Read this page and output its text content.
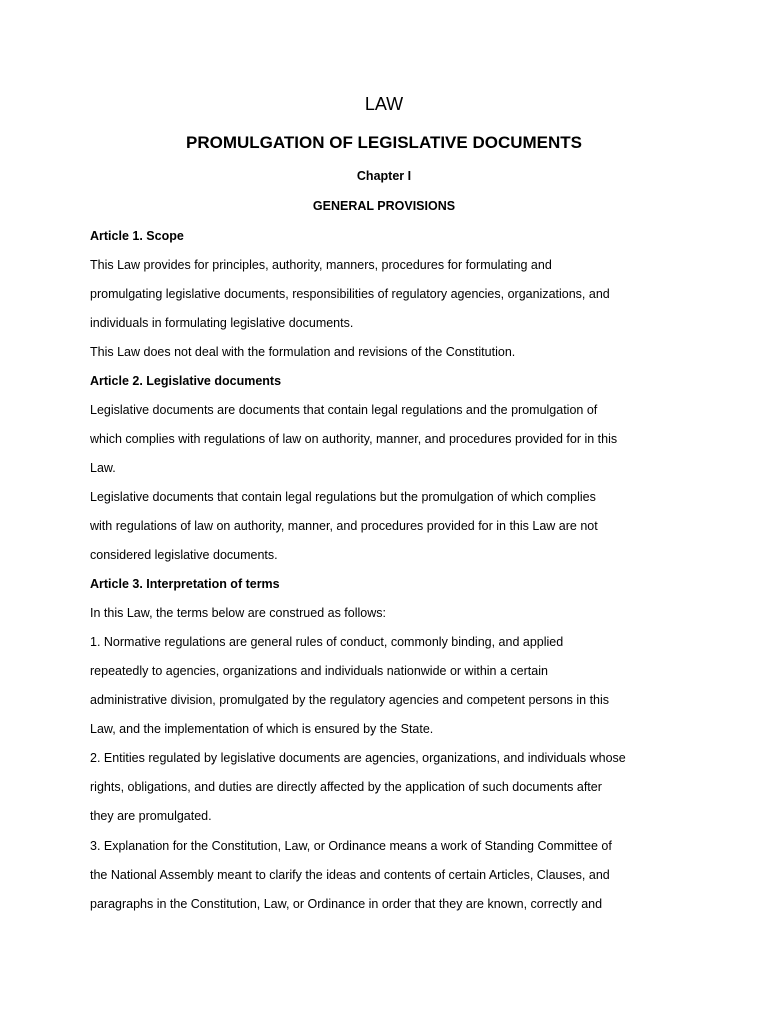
LAW
PROMULGATION OF LEGISLATIVE DOCUMENTS
Chapter I
GENERAL PROVISIONS
Article 1. Scope
This Law provides for principles, authority, manners, procedures for formulating and
promulgating legislative documents, responsibilities of regulatory agencies, organizations, and
individuals in formulating legislative documents.
This Law does not deal with the formulation and revisions of the Constitution.
Article 2. Legislative documents
Legislative documents are documents that contain legal regulations and the promulgation of
which complies with regulations of law on authority, manner, and procedures provided for in this
Law.
Legislative documents that contain legal regulations but the promulgation of which complies
with regulations of law on authority, manner, and procedures provided for in this Law are not
considered legislative documents.
Article 3. Interpretation of terms
In this Law, the terms below are construed as follows:
1. Normative regulations are general rules of conduct, commonly binding, and applied
repeatedly to agencies, organizations and individuals nationwide or within a certain
administrative division, promulgated by the regulatory agencies and competent persons in this
Law, and the implementation of which is ensured by the State.
2. Entities regulated by legislative documents are agencies, organizations, and individuals whose
rights, obligations, and duties are directly affected by the application of such documents after
they are promulgated.
3. Explanation for the Constitution, Law, or Ordinance means a work of Standing Committee of
the National Assembly meant to clarify the ideas and contents of certain Articles, Clauses, and
paragraphs in the Constitution, Law, or Ordinance in order that they are known, correctly and
